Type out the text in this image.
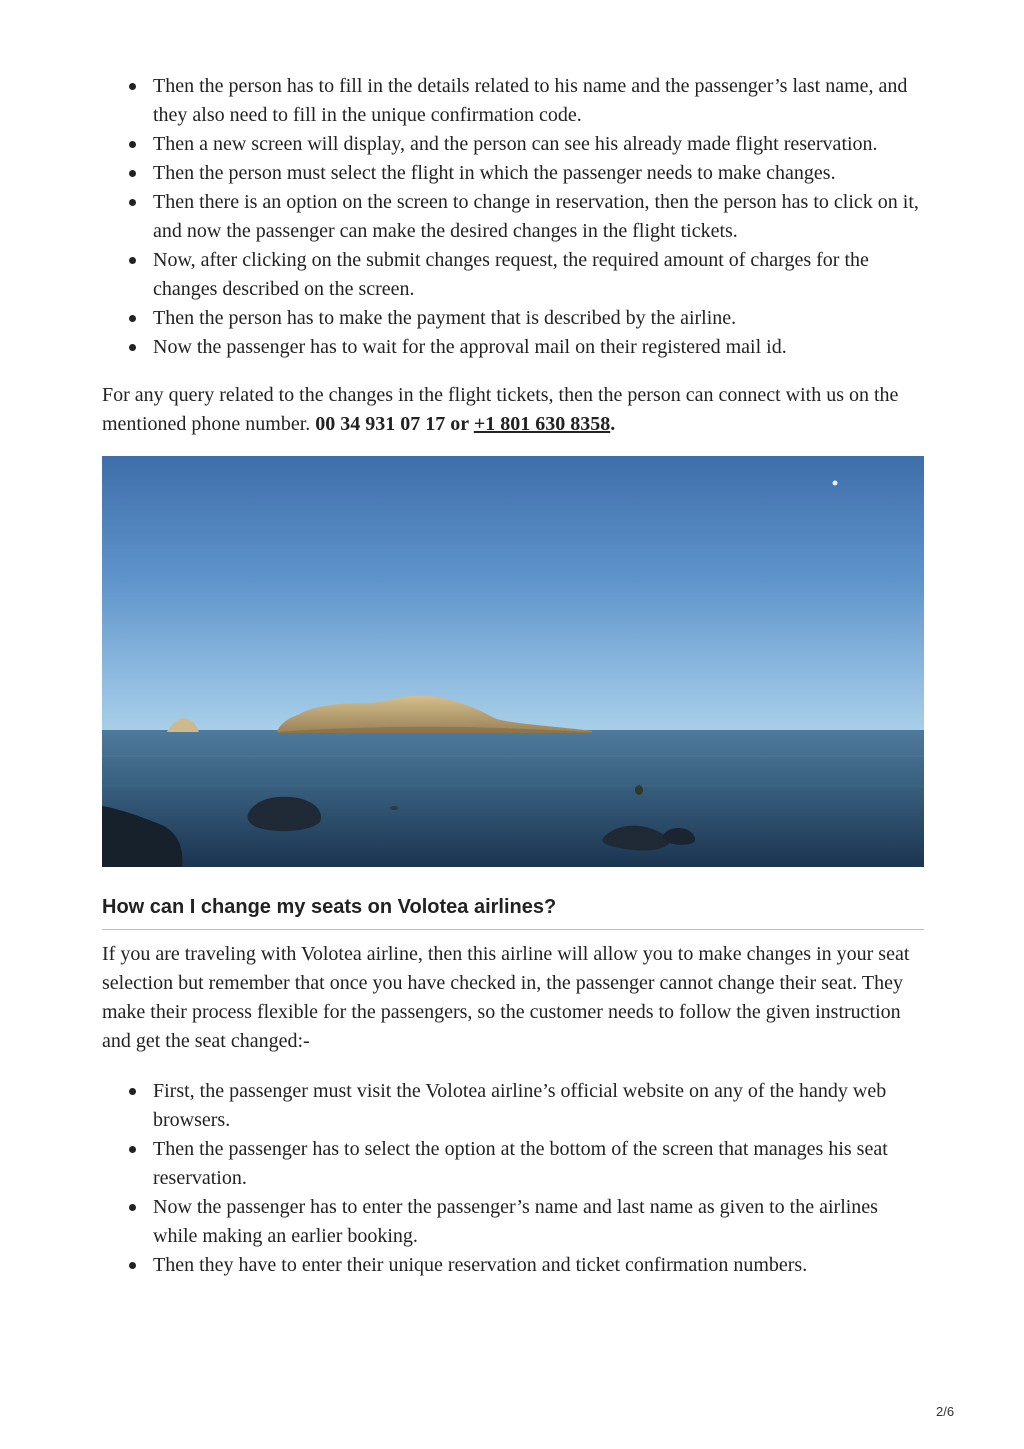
Then the person has to fill in the details related to his name and the passenger’s last name, and they also need to fill in the unique confirmation code.
Then a new screen will display, and the person can see his already made flight reservation.
Then the person must select the flight in which the passenger needs to make changes.
Then there is an option on the screen to change in reservation, then the person has to click on it, and now the passenger can make the desired changes in the flight tickets.
Now, after clicking on the submit changes request, the required amount of charges for the changes described on the screen.
Then the person has to make the payment that is described by the airline.
Now the passenger has to wait for the approval mail on their registered mail id.

For any query related to the changes in the flight tickets, then the person can connect with us on the mentioned phone number. 00 34 931 07 17 or +1 801 630 8358.

How can I change my seats on Volotea airlines?

If you are traveling with Volotea airline, then this airline will allow you to make changes in your seat selection but remember that once you have checked in, the passenger cannot change their seat. They make their process flexible for the passengers, so the customer needs to follow the given instruction and get the seat changed:-

First, the passenger must visit the Volotea airline’s official website on any of the handy web browsers.
Then the passenger has to select the option at the bottom of the screen that manages his seat reservation.
Now the passenger has to enter the passenger’s name and last name as given to the airlines while making an earlier booking.
Then they have to enter their unique reservation and ticket confirmation numbers.
2/6
